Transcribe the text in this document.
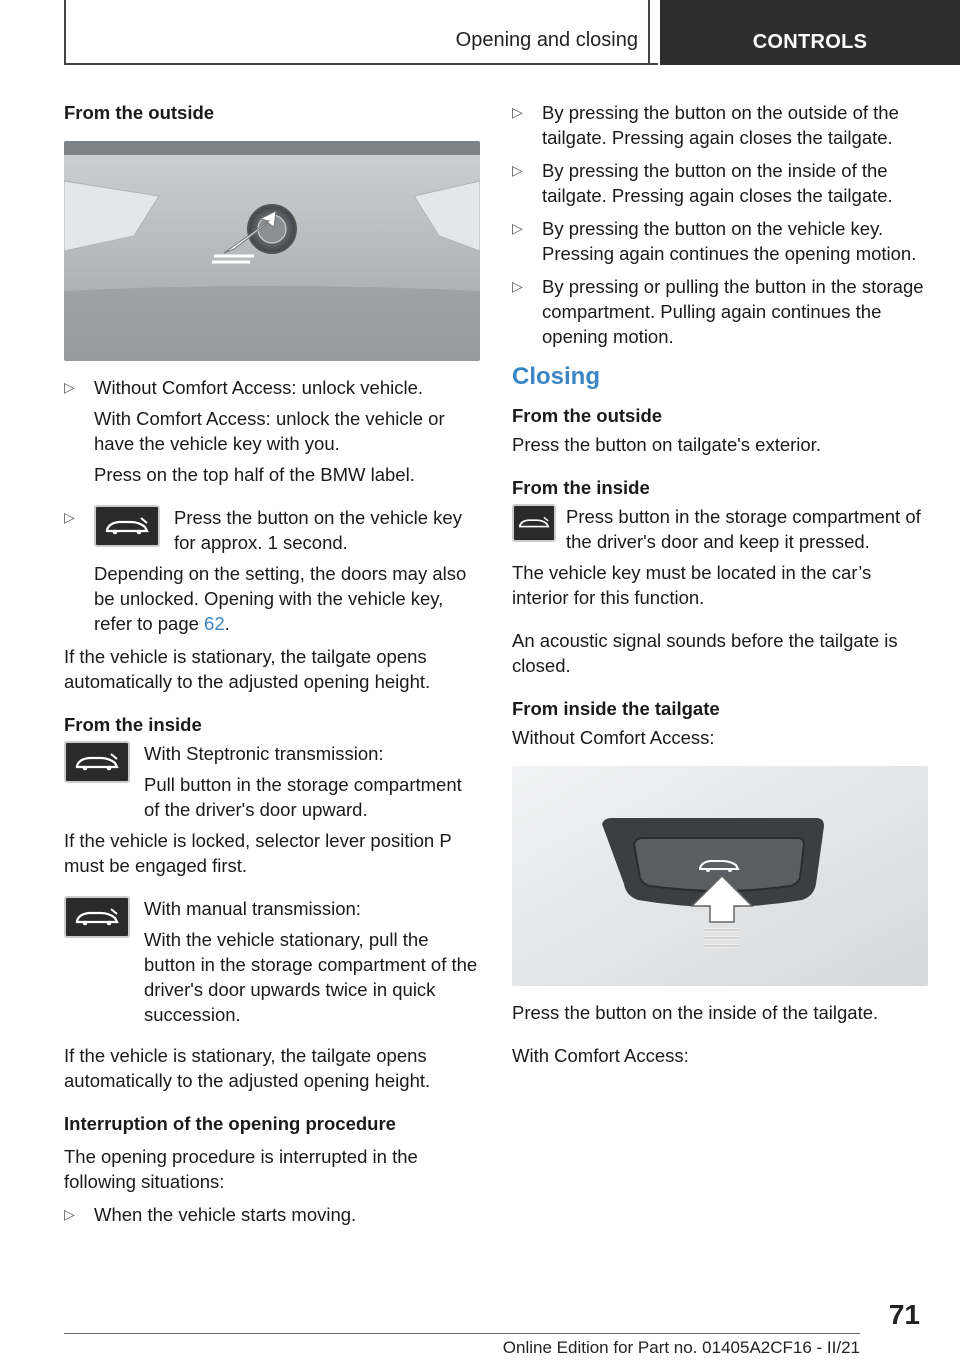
Opening and closing	CONTROLS
From the outside
▷ Without Comfort Access: unlock vehicle.
With Comfort Access: unlock the vehicle or have the vehicle key with you.
Press on the top half of the BMW label.
▷	Press the button on the vehicle key for approx. 1 second.
Depending on the setting, the doors may also be unlocked. Opening with the vehicle key, refer to page 62.
If the vehicle is stationary, the tailgate opens automatically to the adjusted opening height.
From the inside
With Steptronic transmission:
Pull button in the storage compartment of the driver's door upward.
If the vehicle is locked, selector lever position P must be engaged first.
With manual transmission:
With the vehicle stationary, pull the button in the storage compartment of the driver's door upwards twice in quick succession.
If the vehicle is stationary, the tailgate opens automatically to the adjusted opening height.
Interruption of the opening procedure
The opening procedure is interrupted in the following situations:
▷ When the vehicle starts moving.
▷ By pressing the button on the outside of the tailgate. Pressing again closes the tailgate.
▷ By pressing the button on the inside of the tailgate. Pressing again closes the tailgate.
▷ By pressing the button on the vehicle key. Pressing again continues the opening motion.
▷ By pressing or pulling the button in the storage compartment. Pulling again continues the opening motion.
Closing
From the outside
Press the button on tailgate's exterior.
From the inside
Press button in the storage compartment of the driver's door and keep it pressed.
The vehicle key must be located in the car’s interior for this function.
An acoustic signal sounds before the tailgate is closed.
From inside the tailgate
Without Comfort Access:
Press the button on the inside of the tailgate.
With Comfort Access:
71
Online Edition for Part no. 01405A2CF16 - II/21
